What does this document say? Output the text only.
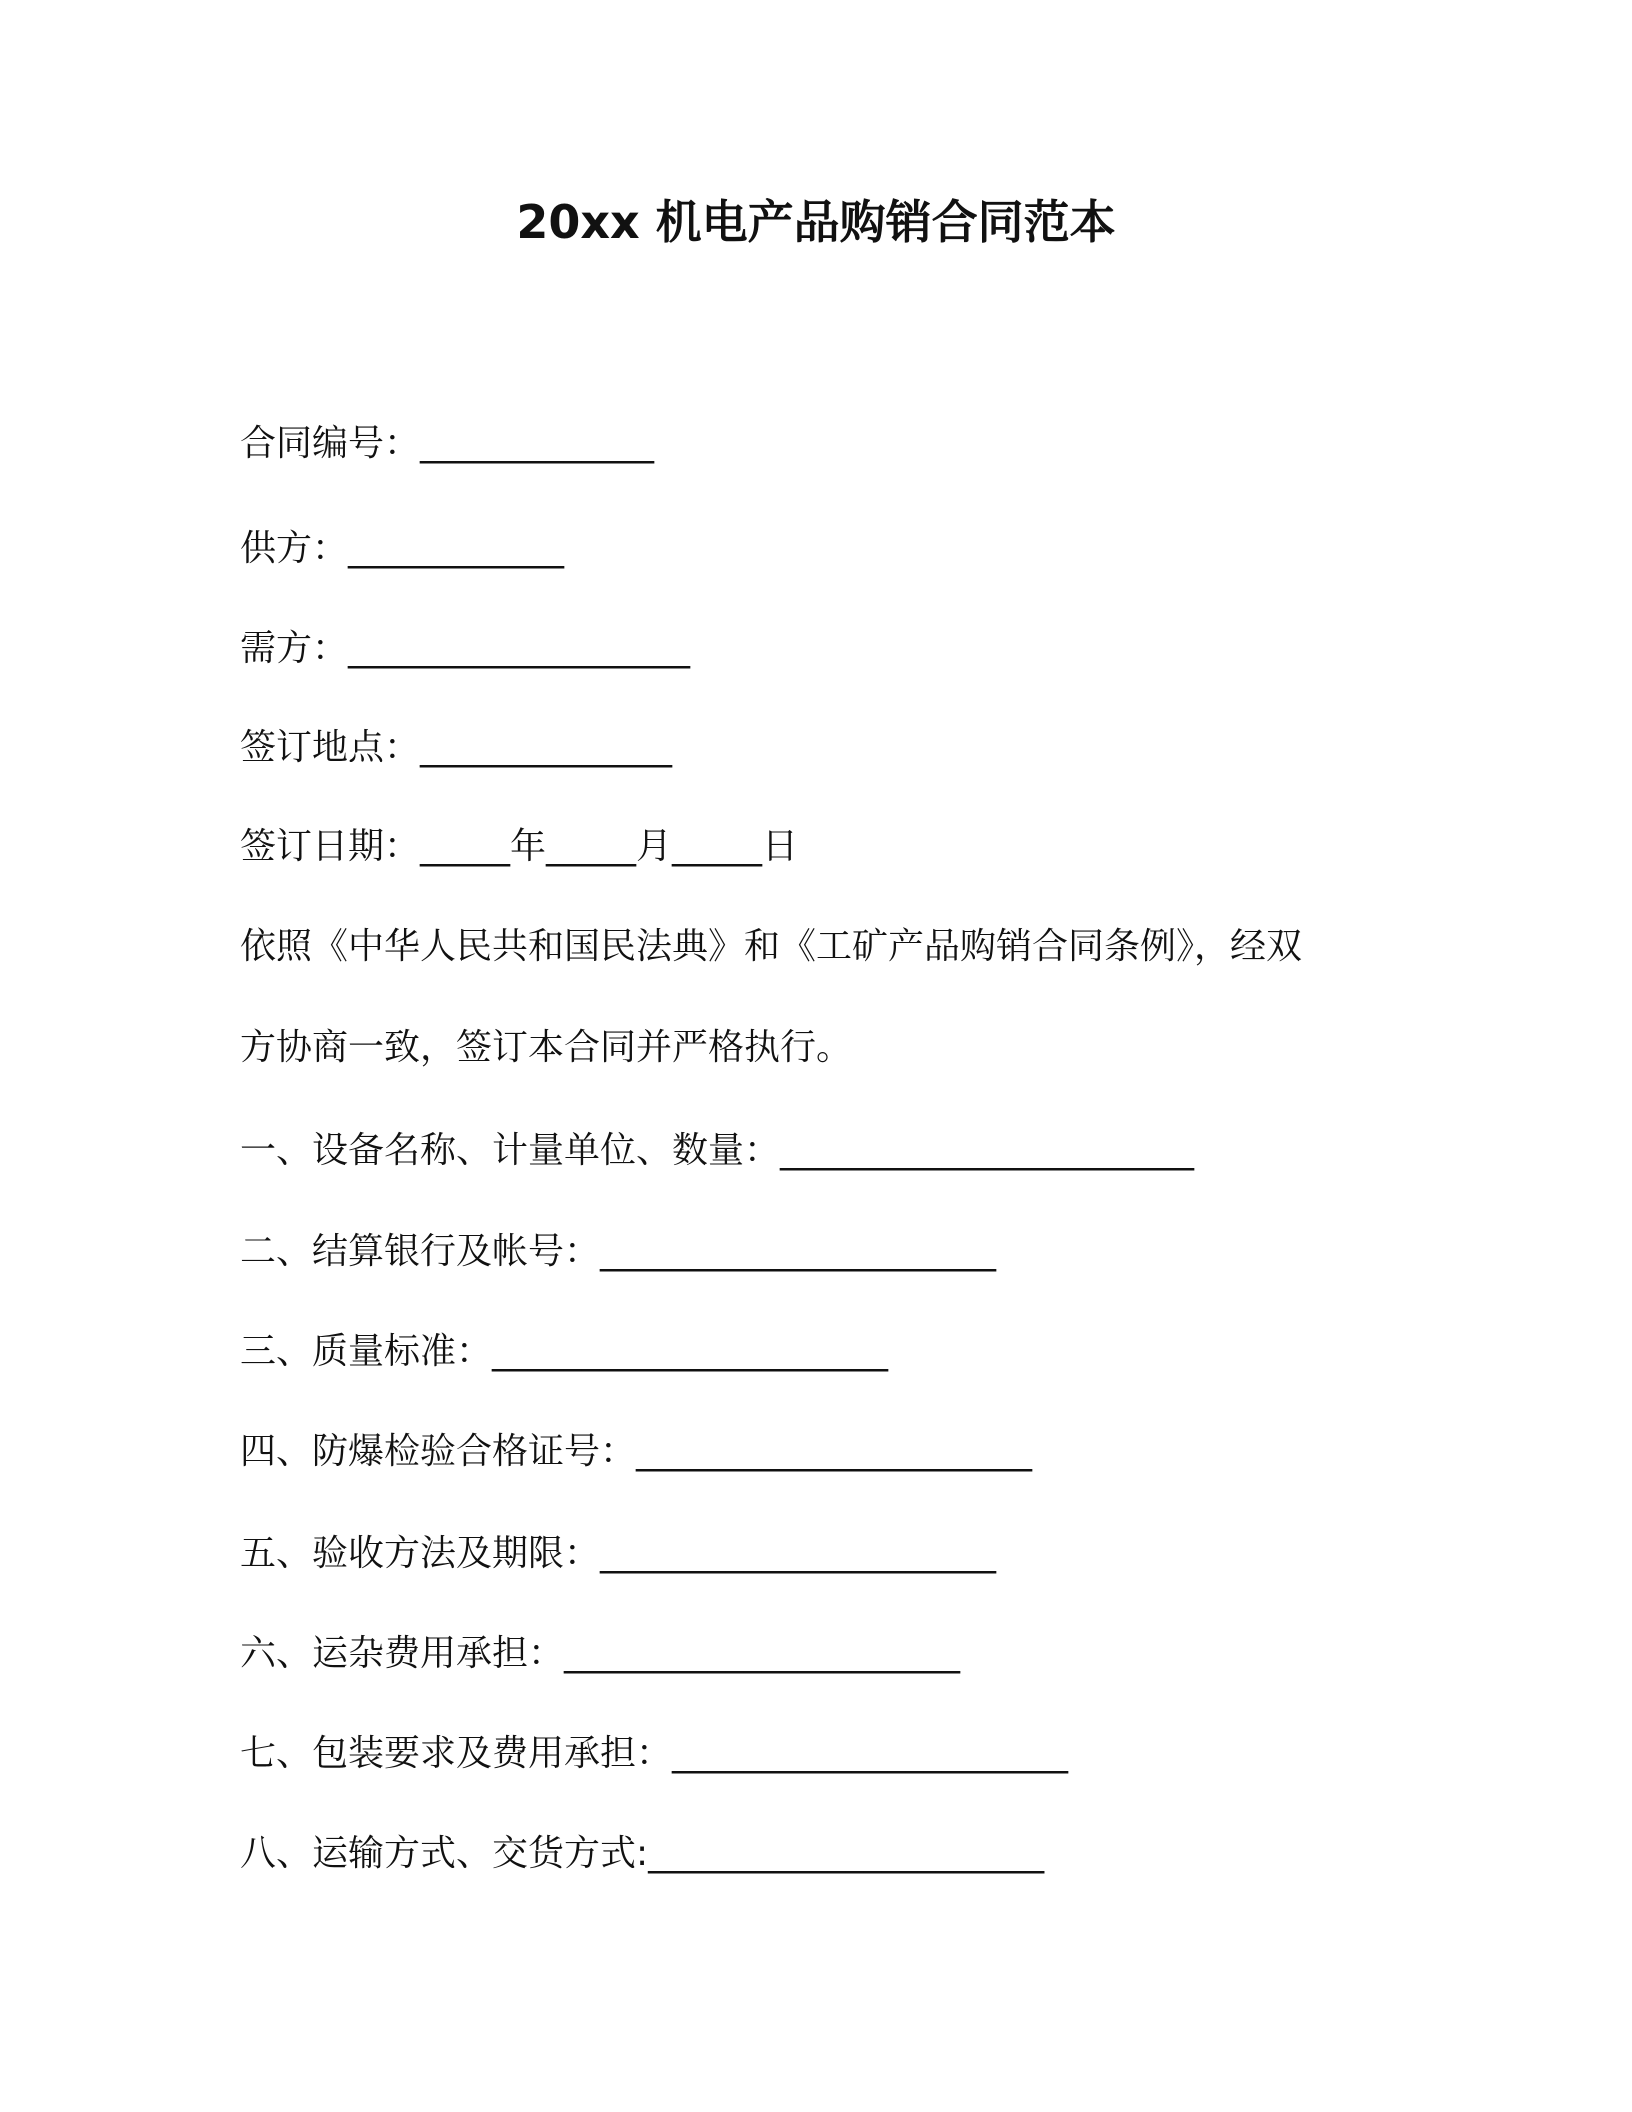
20xx 机电产品购销合同范本

合同编号：_____________

供方：____________

需方：___________________

签订地点：______________

签订日期：_____年_____月_____日

依照《中华人民共和国民法典》和《工矿产品购销合同条例》，经双

方协商一致，签订本合同并严格执行。

一、设备名称、计量单位、数量：_______________________

二、结算银行及帐号：______________________

三、质量标准：______________________

四、防爆检验合格证号：______________________

五、验收方法及期限：______________________

六、运杂费用承担：______________________

七、包装要求及费用承担：______________________

八、运输方式、交货方式:______________________
